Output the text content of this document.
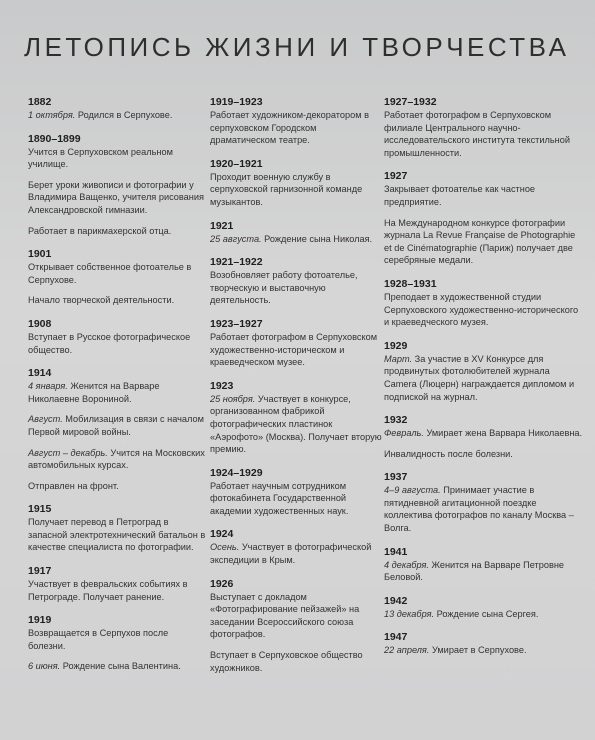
ЛЕТОПИСЬ ЖИЗНИ И ТВОРЧЕСТВА
1882
1 октября. Родился в Серпухове.
1890–1899
Учится в Серпуховском реальном училище.
Берет уроки живописи и фотографии у Владимира Ващенко, учителя рисования Александровской гимназии.
Работает в парикмахерской отца.
1901
Открывает собственное фотоателье в Серпухове.
Начало творческой деятельности.
1908
Вступает в Русское фотографическое общество.
1914
4 января. Женится на Варваре Николаевне Ворониной.
Август. Мобилизация в связи с началом Первой мировой войны.
Август – декабрь. Учится на Московских автомобильных курсах.
Отправлен на фронт.
1915
Получает перевод в Петроград в запасной электротехнический батальон в качестве специалиста по фотографии.
1917
Участвует в февральских событиях в Петрограде. Получает ранение.
1919
Возвращается в Серпухов после болезни.
6 июня. Рождение сына Валентина.
1919–1923
Работает художником-декоратором в серпуховском Городском драматическом театре.
1920–1921
Проходит военную службу в серпуховской гарнизонной команде музыкантов.
1921
25 августа. Рождение сына Николая.
1921–1922
Возобновляет работу фотоателье, творческую и выставочную деятельность.
1923–1927
Работает фотографом в Серпуховском художественно-историческом и краеведческом музее.
1923
25 ноября. Участвует в конкурсе, организованном фабрикой фотографических пластинок «Аэрофото» (Москва). Получает вторую премию.
1924–1929
Работает научным сотрудником фотокабинета Государственной академии художественных наук.
1924
Осень. Участвует в фотографической экспедиции в Крым.
1926
Выступает с докладом «Фотографирование пейзажей» на заседании Всероссийского союза фотографов.
Вступает в Серпуховское общество художников.
1927–1932
Работает фотографом в Серпуховском филиале Центрального научно-исследовательского института текстильной промышленности.
1927
Закрывает фотоателье как частное предприятие.
На Международном конкурсе фотографии журнала La Revue Française de Photographie et de Cinématographie (Париж) получает две серебряные медали.
1928–1931
Преподает в художественной студии Серпуховского художественно-исторического и краеведческого музея.
1929
Март. За участие в XV Конкурсе для продвинутых фотолюбителей журнала Camera (Люцерн) награждается дипломом и подпиской на журнал.
1932
Февраль. Умирает жена Варвара Николаевна.
Инвалидность после болезни.
1937
4–9 августа. Принимает участие в пятидневной агитационной поездке коллектива фотографов по каналу Москва – Волга.
1941
4 декабря. Женится на Варваре Петровне Беловой.
1942
13 декабря. Рождение сына Сергея.
1947
22 апреля. Умирает в Серпухове.
